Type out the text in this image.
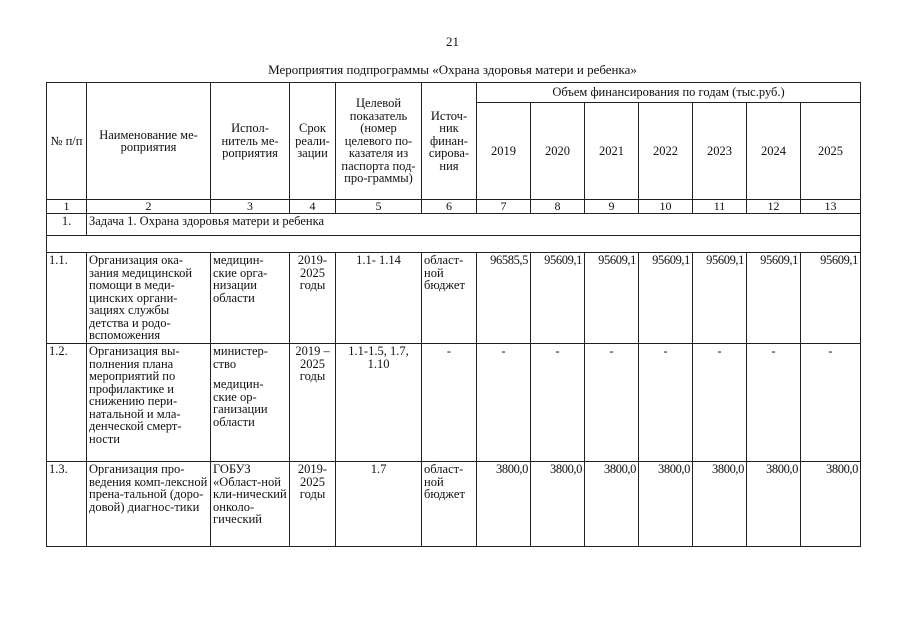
21
Мероприятия подпрограммы «Охрана здоровья матери и ребенка»
№ п/п	Наименование ме-роприятия	Испол-нитель ме-роприятия	Срок реали-зации	Целевой показатель (номер целевого по-казателя из паспорта под- про-граммы)	Источ-ник финан-сирова-ния	Объем финансирования по годам (тыс.руб.)						
						2019	2020	2021	2022	2023	2024	2025
1	2	3	4	5	6	7	8	9	10	11	12	13
1.	Задача 1. Охрана здоровья матери и ребенка											

1.1.	Организация ока-зания медицинской помощи в меди-цинских органи-зациях службы детства и родо-вспоможения	медицин-ские орга-низации области	2019-2025 годы	1.1- 1.14	област-ной бюджет	96585,5	95609,1	95609,1	95609,1	95609,1	95609,1	95609,1
1.2.	Организация вы-полнения плана мероприятий по профилактике и снижению пери-натальной и мла-денческой смерт-ности	министер-ство
медицин-ские ор-ганизации области	2019 – 2025 годы	1.1-1.5, 1.7, 1.10	-	-	-	-	-	-	-	-
1.3.	Организация про-ведения комп-лексной пренa-тальной (доро-довой) диагнос-тики	ГОБУЗ «Област-ной кли-нический онколо-гический	2019-2025 годы	1.7	област-ной бюджет	3800,0	3800,0	3800,0	3800,0	3800,0	3800,0	3800,0
